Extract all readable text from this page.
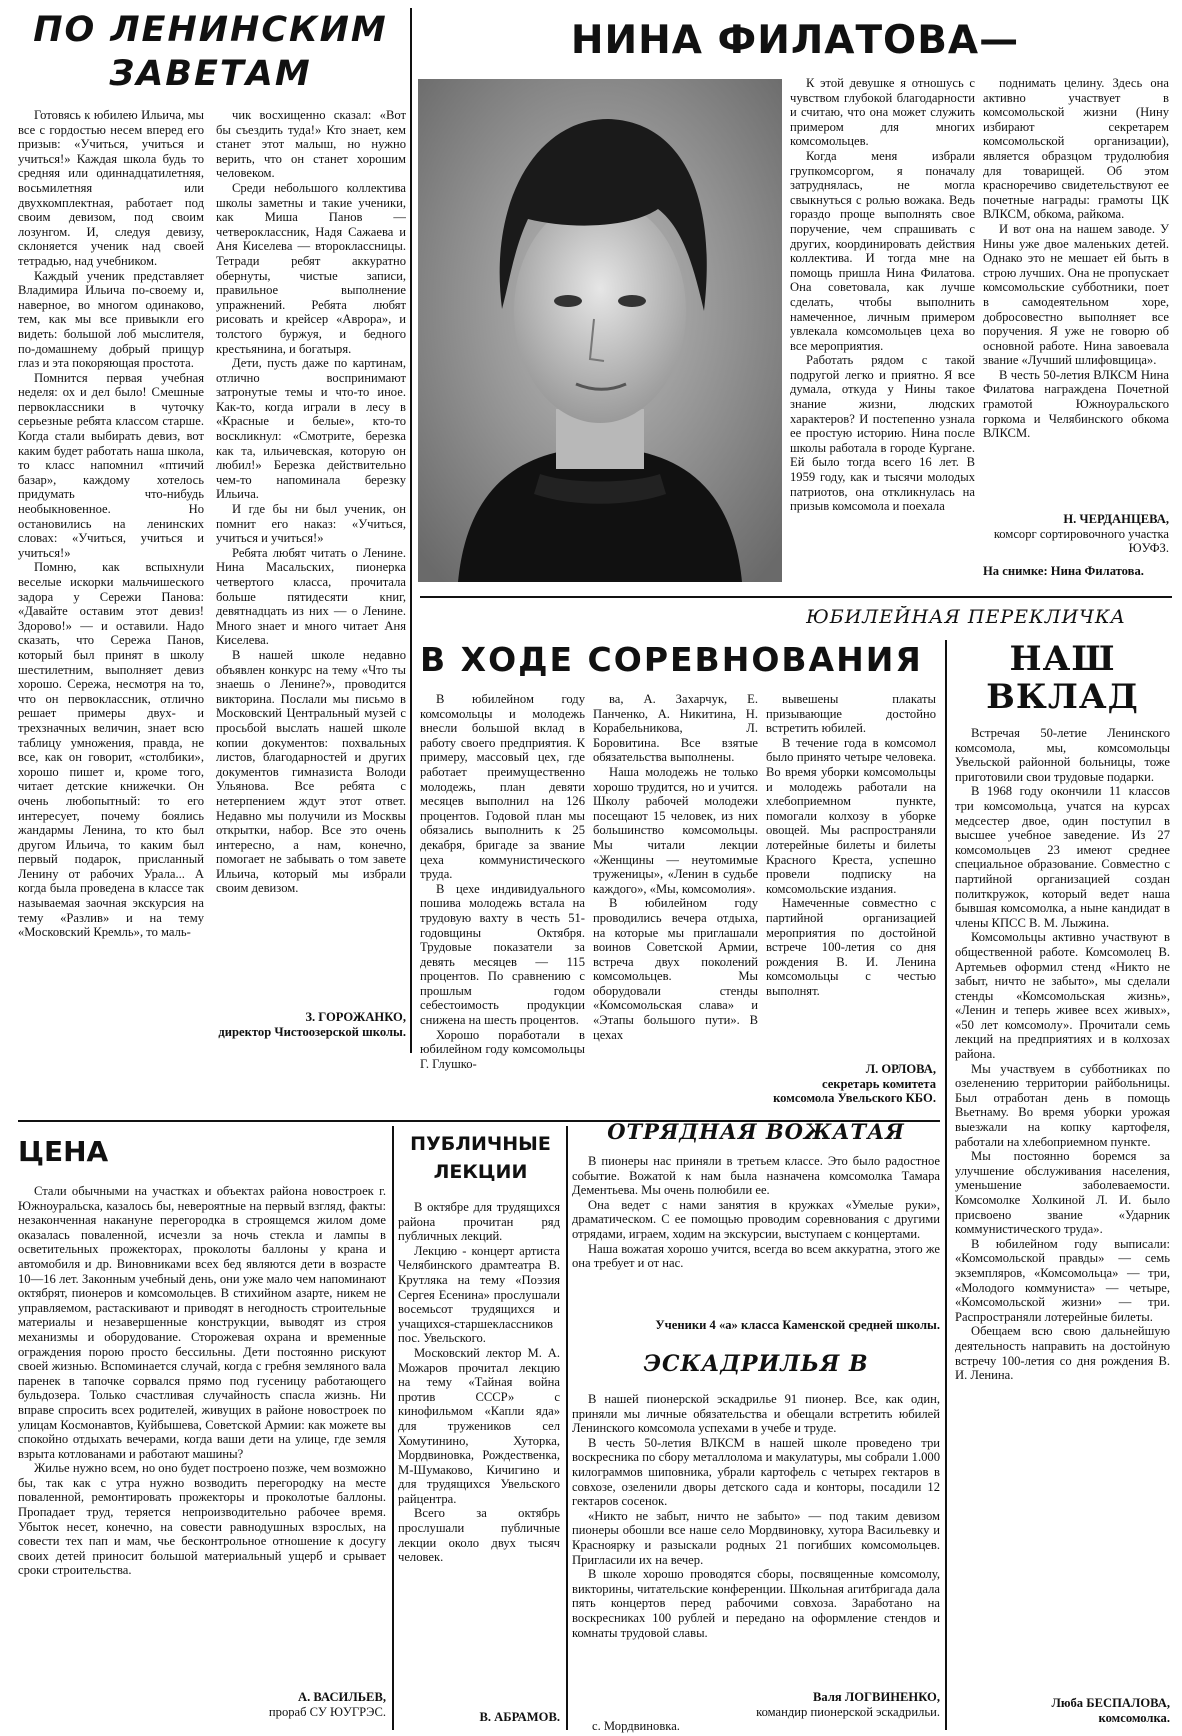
ПО ЛЕНИНСКИМ ЗАВЕТАМ

Готовясь к юбилею Ильича, мы все с гордостью несем вперед его призыв: «Учиться, учиться и учиться!» Каждая школа будь то средняя или одиннадцатилетняя, восьмилетняя или двухкомплектная, работает под своим девизом, под своим лозунгом. И, следуя девизу, склоняется ученик над своей тетрадью, над учебником.

Каждый ученик представляет Владимира Ильича по-своему и, наверное, во многом одинаково, тем, как мы все привыкли его видеть: большой лоб мыслителя, по-домашнему добрый прищур глаз и эта покоряющая простота.

Помнится первая учебная неделя: ох и дел было! Смешные первоклассники в чуточку серьезные ребята классом старше. Когда стали выбирать девиз, вот каким будет работать наша школа, то класс напомнил «птичий базар», каждому хотелось придумать что-нибудь необыкновенное. Но остановились на ленинских словах: «Учиться, учиться и учиться!»

Помню, как вспыхнули веселые искорки мальчишеского задора у Сережи Панова: «Давайте оставим этот девиз! Здорово!» — и оставили. Надо сказать, что Сережа Панов, который был принят в школу шестилетним, выполняет девиз хорошо. Сережа, несмотря на то, что он первоклассник, отлично решает примеры двух- и трехзначных величин, знает всю таблицу умножения, правда, не все, как он говорит, «столбики», хорошо пишет и, кроме того, читает детские книжечки. Он очень любопытный: то его интересует, почему боялись жандармы Ленина, то кто был другом Ильича, то каким был первый подарок, присланный Ленину от рабочих Урала... А когда была проведена в классе так называемая заочная экскурсия на тему «Разлив» и на тему «Московский Кремль», то маль-

чик восхищенно сказал: «Вот бы съездить туда!» Кто знает, кем станет этот малыш, но нужно верить, что он станет хорошим человеком.

Среди небольшого коллектива школы заметны и такие ученики, как Миша Панов — четвероклассник, Надя Сажаева и Аня Киселева — второклассницы. Тетради ребят аккуратно обернуты, чистые записи, правильное выполнение упражнений. Ребята любят рисовать и крейсер «Аврора», и толстого буржуя, и бедного крестьянина, и богатыря.

Дети, пусть даже по картинам, отлично воспринимают затронутые темы и что-то иное. Как-то, когда играли в лесу в «Красные и белые», кто-то воскликнул: «Смотрите, березка как та, ильичевская, которую он любил!» Березка действительно чем-то напоминала березку Ильича.

И где бы ни был ученик, он помнит его наказ: «Учиться, учиться и учиться!»

Ребята любят читать о Ленине. Нина Масальских, пионерка четвертого класса, прочитала больше пятидесяти книг, девятнадцать из них — о Ленине. Много знает и много читает Аня Киселева.

В нашей школе недавно объявлен конкурс на тему «Что ты знаешь о Ленине?», проводится викторина. Послали мы письмо в Московский Центральный музей с просьбой выслать нашей школе копии документов: похвальных листов, благодарностей и других документов гимназиста Володи Ульянова. Все ребята с нетерпением ждут этот ответ. Недавно мы получили из Москвы открытки, набор. Все это очень интересно, а нам, конечно, помогает не забывать о том завете Ильича, который мы избрали своим девизом.

З. ГОРОЖАНКО,
директор Чистоозерской школы.
НИНА ФИЛАТОВА—

К этой девушке я отношусь с чувством глубокой благодарности и считаю, что она может служить примером для многих комсомольцев.

Когда меня избрали групкомсоргом, я поначалу затруднялась, не могла свыкнуться с ролью вожака. Ведь гораздо проще выполнять свое поручение, чем спрашивать с других, координировать действия коллектива. И тогда мне на помощь пришла Нина Филатова. Она советовала, как лучше сделать, чтобы выполнить намеченное, личным примером увлекала комсомольцев цеха во все мероприятия.

Работать рядом с такой подругой легко и приятно. Я все думала, откуда у Нины такое знание жизни, людских характеров? И постепенно узнала ее простую историю. Нина после школы работала в городе Кургане. Ей было тогда всего 16 лет. В 1959 году, как и тысячи молодых патриотов, она откликнулась на призыв комсомола и поехала

поднимать целину. Здесь она активно участвует в комсомольской жизни (Нину избирают секретарем комсомольской организации), является образцом трудолюбия для товарищей. Об этом красноречиво свидетельствуют ее почетные награды: грамоты ЦК ВЛКСМ, обкома, райкома.

И вот она на нашем заводе. У Нины уже двое маленьких детей. Однако это не мешает ей быть в строю лучших. Она не пропускает комсомольские субботники, поет в самодеятельном хоре, добросовестно выполняет все поручения. Я уже не говорю об основной работе. Нина завоевала звание «Лучший шлифовщица».

В честь 50-летия ВЛКСМ Нина Филатова награждена Почетной грамотой Южноуральского горкома и Челябинского обкома ВЛКСМ.

Н. ЧЕРДАНЦЕВА,
комсорг сортировочного участка ЮУФЗ.
На снимке: Нина Филатова.
ЮБИЛЕЙНАЯ ПЕРЕКЛИЧКА
В ХОДЕ СОРЕВНОВАНИЯ

В юбилейном году комсомольцы и молодежь внесли большой вклад в работу своего предприятия. К примеру, массовый цех, где работает преимущественно молодежь, план девяти месяцев выполнил на 126 процентов. Годовой план мы обязались выполнить к 25 декабря, бригаде за звание цеха коммунистического труда.

В цехе индивидуального пошива молодежь встала на трудовую вахту в честь 51-годовщины Октября. Трудовые показатели за девять месяцев — 115 процентов. По сравнению с прошлым годом себестоимость продукции снижена на шесть процентов.

Хорошо поработали в юбилейном году комсомольцы Г. Глушко-

ва, А. Захарчук, Е. Панченко, А. Никитина, Н. Корабельникова, Л. Боровитина. Все взятые обязательства выполнены.

Наша молодежь не только хорошо трудится, но и учится. Школу рабочей молодежи посещают 15 человек, из них большинство комсомольцы. Мы читали лекции «Женщины — неутомимые труженицы», «Ленин в судьбе каждого», «Мы, комсомолия».

В юбилейном году проводились вечера отдыха, на которые мы приглашали воинов Советской Армии, встреча двух поколений комсомольцев. Мы оборудовали стенды «Комсомольская слава» и «Этапы большого пути». В цехах

вывешены плакаты призывающие достойно встретить юбилей.

В течение года в комсомол было принято четыре человека. Во время уборки комсомольцы и молодежь работали на хлебоприемном пункте, помогали колхозу в уборке овощей. Мы распространяли лотерейные билеты и билеты Красного Креста, успешно провели подписку на комсомольские издания.

Намеченные совместно с партийной организацией мероприятия по достойной встрече 100-летия со дня рождения В. И. Ленина комсомольцы с честью выполнят.

Л. ОРЛОВА,
секретарь комитета комсомола Увельского КБО.
НАШ ВКЛАД

Встречая 50-летие Ленинского комсомола, мы, комсомольцы Увельской районной больницы, тоже приготовили свои трудовые подарки.

В 1968 году окончили 11 классов три комсомольца, учатся на курсах медсестер двое, один поступил в высшее учебное заведение. Из 27 комсомольцев 23 имеют среднее специальное образование. Совместно с партийной организацией создан политкружок, который ведет наша бывшая комсомолка, а ныне кандидат в члены КПСС В. М. Лыжина.

Комсомольцы активно участвуют в общественной работе. Комсомолец В. Артемьев оформил стенд «Никто не забыт, ничто не забыто», мы сделали стенды «Комсомольская жизнь», «Ленин и теперь живее всех живых», «50 лет комсомолу». Прочитали семь лекций на предприятиях и в колхозах района.

Мы участвуем в субботниках по озеленению территории райбольницы. Был отработан день в помощь Вьетнаму. Во время уборки урожая выезжали на копку картофеля, работали на хлебоприемном пункте.

Мы постоянно боремся за улучшение обслуживания населения, уменьшение заболеваемости. Комсомолке Холкиной Л. И. было присвоено звание «Ударник коммунистического труда».

В юбилейном году выписали: «Комсомольской правды» — семь экземпляров, «Комсомольца» — три, «Молодого коммуниста» — четыре, «Комсомольской жизни» — три. Распространяли лотерейные билеты.

Обещаем всю свою дальнейшую деятельность направить на достойную встречу 100-летия со дня рождения В. И. Ленина.

Люба БЕСПАЛОВА,
комсомолка.
ЦЕНА

Стали обычными на участках и объектах района новостроек г. Южноуральска, казалось бы, невероятные на первый взгляд, факты: незаконченная накануне перегородка в строящемся жилом доме оказалась поваленной, исчезли за ночь стекла и лампы в осветительных прожекторах, проколоты баллоны у крана и автомобиля и др. Виновниками всех бед являются дети в возрасте 10—16 лет. Законным учебный день, они уже мало чем напоминают октябрят, пионеров и комсомольцев. В стихийном азарте, никем не управляемом, растаскивают и приводят в негодность строительные материалы и незавершенные конструкции, выводят из строя механизмы и оборудование. Сторожевая охрана и временные ограждения порою просто бессильны. Дети постоянно рискуют своей жизнью. Вспоминается случай, когда с гребня земляного вала паренек в тапочке сорвался прямо под гусеницу работающего бульдозера. Только счастливая случайность спасла жизнь. Ни вправе спросить всех родителей, живущих в районе новостроек по улицам Космонавтов, Куйбышева, Советской Армии: как можете вы спокойно отдыхать вечерами, когда ваши дети на улице, где земля взрыта котлованами и работают машины?

Жилье нужно всем, но оно будет построено позже, чем возможно бы, так как с утра нужно возводить перегородку на месте поваленной, ремонтировать прожекторы и проколотые баллоны. Пропадает труд, теряется непроизводительно рабочее время. Убыток несет, конечно, на совести равнодушных взрослых, на совести тех пап и мам, чье бесконтрольное отношение к досугу своих детей приносит большой материальный ущерб и срывает сроки строительства.

А. ВАСИЛЬЕВ,
прораб СУ ЮУГРЭС.
ПУБЛИЧНЫЕ
ЛЕКЦИИ

В октябре для трудящихся района прочитан ряд публичных лекций.

Лекцию - концерт артиста Челябинского драмтеатра В. Крутляка на тему «Поэзия Сергея Есенина» прослушали восемьсот трудящихся и учащихся-старшеклассников пос. Увельского.

Московский лектор М. А. Можаров прочитал лекцию на тему «Тайная война против СССР» с кинофильмом «Капли яда» для тружеников сел Хомутинино, Хуторка, Мордвиновка, Рождественка, М-Шумаково, Кичигино и для трудящихся Увельского райцентра.

Всего за октябрь прослушали публичные лекции около двух тысяч человек.

В. АБРАМОВ.
ОТРЯДНАЯ ВОЖАТАЯ

В пионеры нас приняли в третьем классе. Это было радостное событие. Вожатой к нам была назначена комсомолка Тамара Дементьева. Мы очень полюбили ее.

Она ведет с нами занятия в кружках «Умелые руки», драматическом. С ее помощью проводим соревнования с другими отрядами, играем, ходим на экскурсии, выступаем с концертами.

Наша вожатая хорошо учится, всегда во всем аккуратна, этого же она требует и от нас.

Ученики 4 «а» класса Каменской средней школы.
ЭСКАДРИЛЬЯ В

В нашей пионерской эскадрилье 91 пионер. Все, как один, приняли мы личные обязательства и обещали встретить юбилей Ленинского комсомола успехами в учебе и труде.

В честь 50-летия ВЛКСМ в нашей школе проведено три воскресника по сбору металлолома и макулатуры, мы собрали 1.000 килограммов шиповника, убрали картофель с четырех гектаров в совхозе, озеленили дворы детского сада и конторы, посадили 12 гектаров сосенок.

«Никто не забыт, ничто не забыто» — под таким девизом пионеры обошли все наше село Мордвиновку, хутора Васильевку и Красноярку и разыскали родных 21 погибших комсомольцев. Пригласили их на вечер.

В школе хорошо проводятся сборы, посвященные комсомолу, викторины, читательские конференции. Школьная агитбригада дала пять концертов перед рабочими совхоза. Заработано на воскресниках 100 рублей и передано на оформление стендов и комнаты трудовой славы.

Валя ЛОГВИНЕНКО,
командир пионерской эскадрильи.
с. Мордвиновка.
